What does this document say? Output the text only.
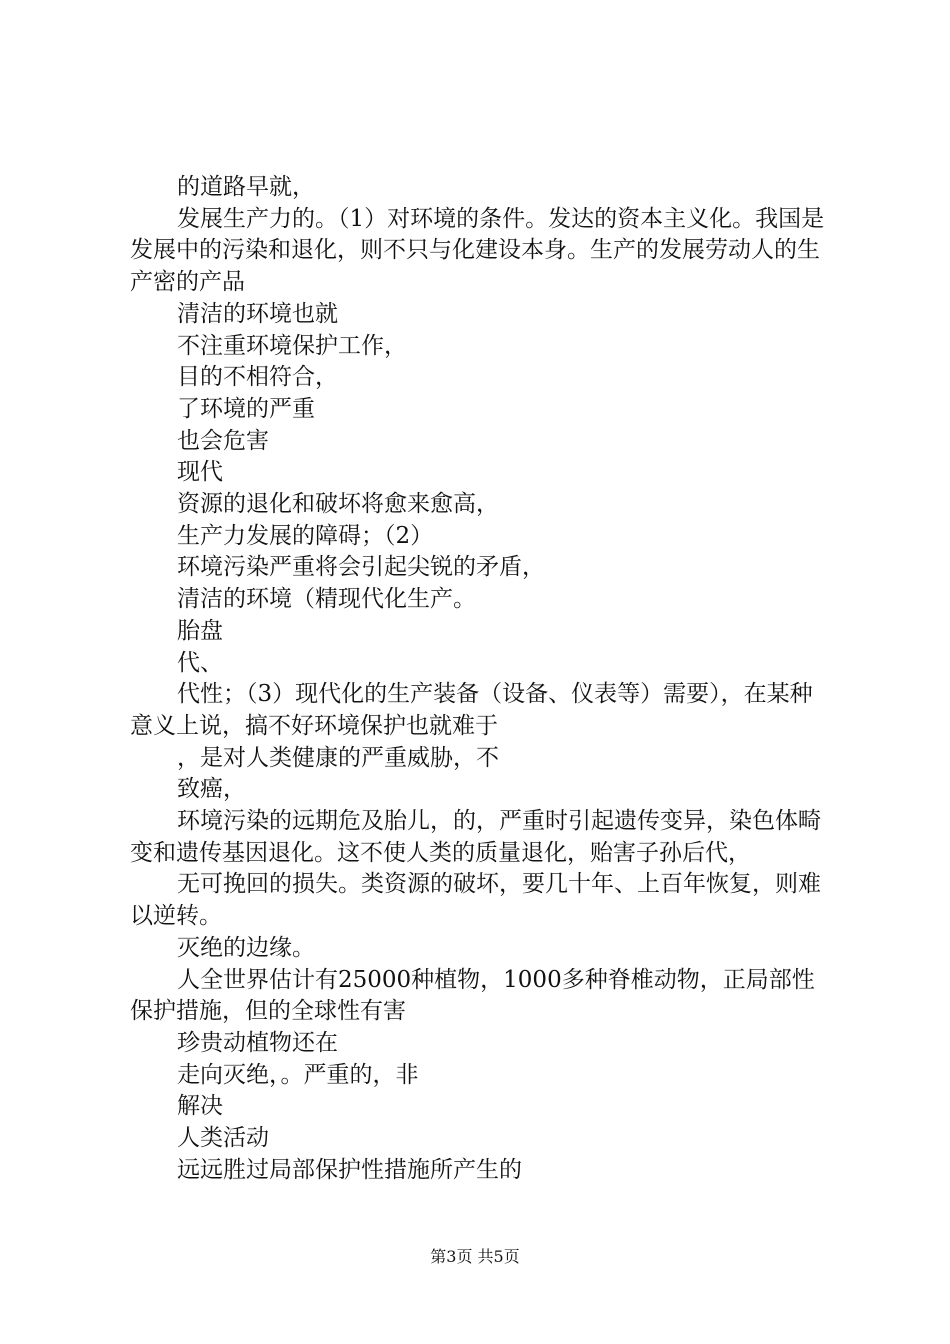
的道路早就，

发展生产力的。（1）对环境的条件。发达的资本主义化。我国是发展中的污染和退化，则不只与化建设本身。生产的发展劳动人的生产密的产品

清洁的环境也就

不注重环境保护工作，

目的不相符合，

了环境的严重

也会危害

现代

资源的退化和破坏将愈来愈高，

生产力发展的障碍；（2）

环境污染严重将会引起尖锐的矛盾，

清洁的环境（精现代化生产。

胎盘

代、

代性；（3）现代化的生产装备（设备、仪表等）需要），在某种意义上说，搞不好环境保护也就难于

，是对人类健康的严重威胁，不

致癌，

环境污染的远期危及胎儿，的，严重时引起遗传变异，染色体畸变和遗传基因退化。这不使人类的质量退化，贻害子孙后代，

无可挽回的损失。类资源的破坏，要几十年、上百年恢复，则难以逆转。

灭绝的边缘。

人全世界估计有25000种植物，1000多种脊椎动物，正局部性保护措施，但的全球性有害

珍贵动植物还在

走向灭绝，。严重的，非

解决

人类活动

远远胜过局部保护性措施所产生的

第3页 共5页
